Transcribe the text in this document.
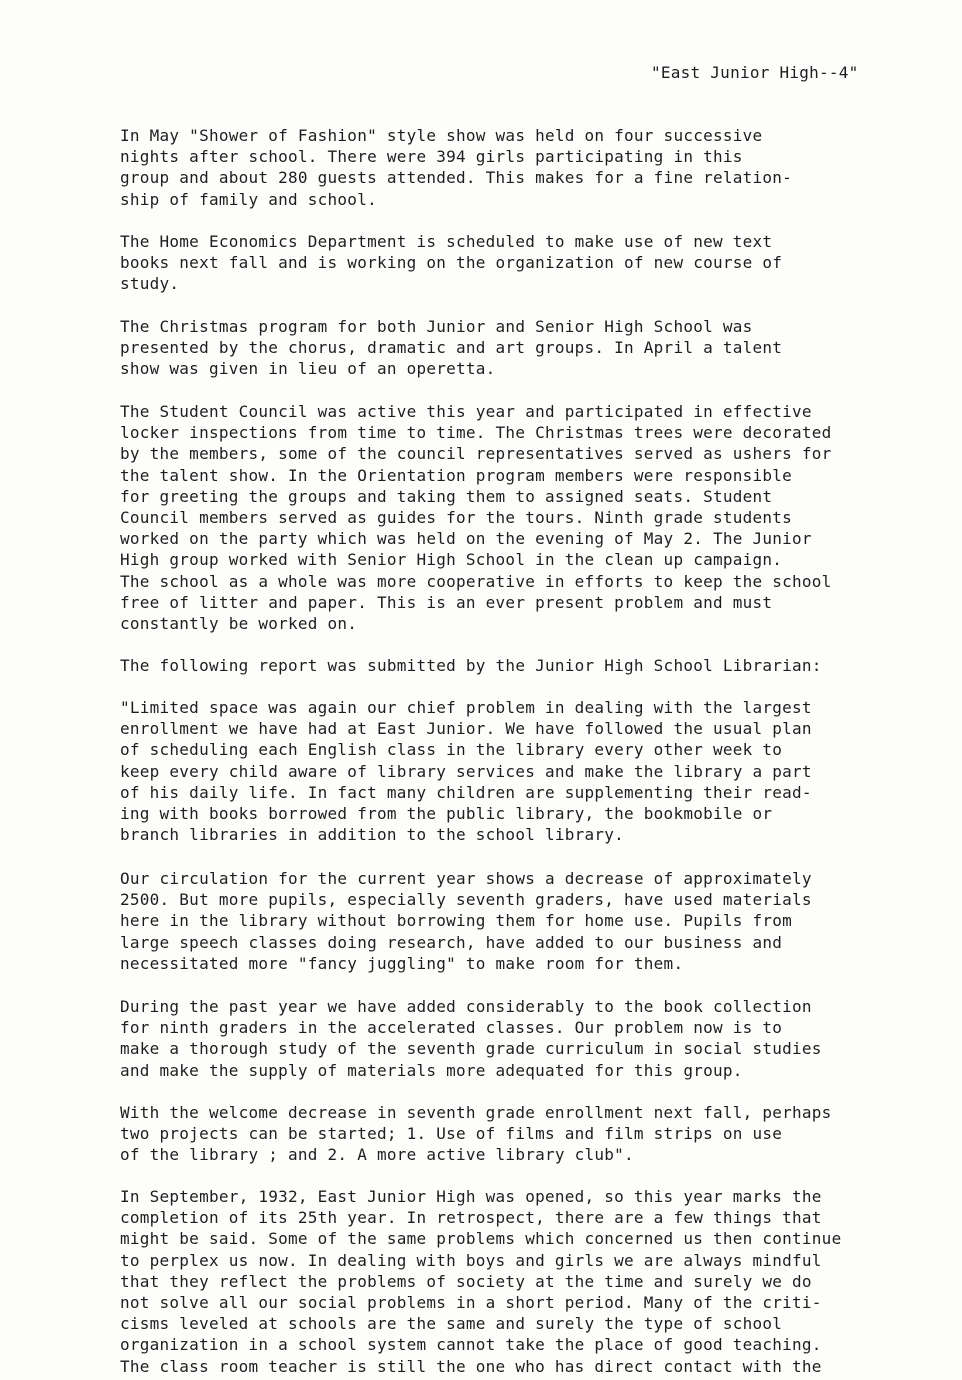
"East Junior High--4"
In May "Shower of Fashion" style show was held on four successive
nights after school. There were 394 girls participating in this
group and about 280 guests attended. This makes for a fine relation-
ship of family and school.
The Home Economics Department is scheduled to make use of new text
books next fall and is working on the organization of new course of
study.
The Christmas program for both Junior and Senior High School was
presented by the chorus, dramatic and art groups. In April a talent
show was given in lieu of an operetta.
The Student Council was active this year and participated in effective
locker inspections from time to time. The Christmas trees were decorated
by the members, some of the council representatives served as ushers for
the talent show. In the Orientation program members were responsible
for greeting the groups and taking them to assigned seats. Student
Council members served as guides for the tours. Ninth grade students
worked on the party which was held on the evening of May 2. The Junior
High group worked with Senior High School in the clean up campaign.
The school as a whole was more cooperative in efforts to keep the school
free of litter and paper. This is an ever present problem and must
constantly be worked on.
The following report was submitted by the Junior High School Librarian:
"Limited space was again our chief problem in dealing with the largest
enrollment we have had at East Junior. We have followed the usual plan
of scheduling each English class in the library every other week to
keep every child aware of library services and make the library a part
of his daily life. In fact many children are supplementing their read-
ing with books borrowed from the public library, the bookmobile or
branch libraries in addition to the school library.
Our circulation for the current year shows a decrease of approximately
2500. But more pupils, especially seventh graders, have used materials
here in the library without borrowing them for home use. Pupils from
large speech classes doing research, have added to our business and
necessitated more "fancy juggling" to make room for them.
During the past year we have added considerably to the book collection
for ninth graders in the accelerated classes. Our problem now is to
make a thorough study of the seventh grade curriculum in social studies
and make the supply of materials more adequated for this group.
With the welcome decrease in seventh grade enrollment next fall, perhaps
two projects can be started; 1. Use of films and film strips on use
of the library ; and 2. A more active library club".
In September, 1932, East Junior High was opened, so this year marks the
completion of its 25th year. In retrospect, there are a few things that
might be said. Some of the same problems which concerned us then continue
to perplex us now. In dealing with boys and girls we are always mindful
that they reflect the problems of society at the time and surely we do
not solve all our social problems in a short period. Many of the criti-
cisms leveled at schools are the same and surely the type of school
organization in a school system cannot take the place of good teaching.
The class room teacher is still the one who has direct contact with the
